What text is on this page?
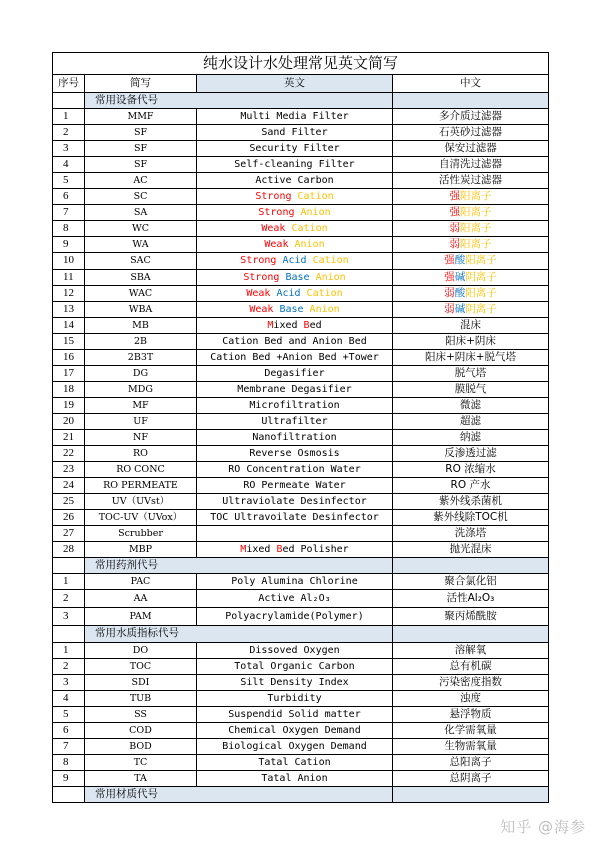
纯水设计水处理常见英文简写			
序号	简写	英文	中文
	常用设备代号		
1	MMF	Multi Media Filter	多介质过滤器
2	SF	Sand Filter	石英砂过滤器
3	SF	Security Filter	保安过滤器
4	SF	Self-cleaning Filter	自清洗过滤器
5	AC	Active Carbon	活性炭过滤器
6	SC	Strong Cation	强阳离子
7	SA	Strong Anion	强阳离子
8	WC	Weak Cation	弱阳离子
9	WA	Weak Anion	弱阳离子
10	SAC	Strong Acid Cation	强酸阳离子
11	SBA	Strong Base Anion	强碱阴离子
12	WAC	Weak Acid Cation	弱酸阳离子
13	WBA	Weak Base Anion	弱碱阴离子
14	MB	Mixed Bed	混床
15	2B	Cation Bed and Anion Bed	阳床+阴床
16	2B3T	Cation Bed +Anion Bed +Tower	阳床+阴床+脱气塔
17	DG	Degasifier	脱气塔
18	MDG	Membrane Degasifier	膜脱气
19	MF	Microfiltration	微滤
20	UF	Ultrafilter	超滤
21	NF	Nanofiltration	纳滤
22	RO	Reverse Osmosis	反渗透过滤
23	RO CONC	RO Concentration Water	RO 浓缩水
24	RO PERMEATE	RO Permeate Water	RO 产水
25	UV（UVst）	Ultraviolate Desinfector	紫外线杀菌机
26	TOC-UV（UVox）	TOC Ultravoilate Desinfector	紫外线除TOC机
27	Scrubber		洗涤塔
28	MBP	Mixed Bed Polisher	抛光混床
	常用药剂代号		
1	PAC	Poly Alumina Chlorine	聚合氯化铝
2	AA	Active Al₂O₃	活性Al₂O₃
3	PAM	Polyacrylamide(Polymer)	聚丙烯酰胺
	常用水质指标代号		
1	DO	Dissoved Oxygen	溶解氧
2	TOC	Total Organic Carbon	总有机碳
3	SDI	Silt Density Index	污染密度指数
4	TUB	Turbidity	浊度
5	SS	Suspendid Solid matter	悬浮物质
6	COD	Chemical Oxygen Demand	化学需氧量
7	BOD	Biological Oxygen Demand	生物需氧量
8	TC	Tatal Cation	总阳离子
9	TA	Tatal Anion	总阴离子
	常用材质代号		
知乎 @海参
